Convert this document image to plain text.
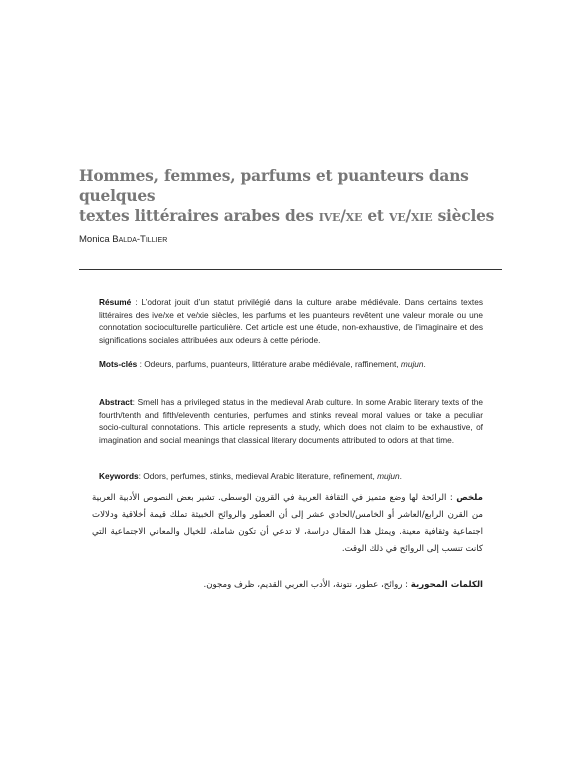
Hommes, femmes, parfums et puanteurs dans quelques
textes littéraires arabes des ive/xe et ve/xie siècles
Monica Balda-Tillier

Résumé : L’odorat jouit d’un statut privilégié dans la culture arabe médiévale. Dans certains textes littéraires des ive/xe et ve/xie siècles, les parfums et les puanteurs revêtent une valeur morale ou une connotation socioculturelle particulière. Cet article est une étude, non-exhaustive, de l’imaginaire et des significations sociales attribuées aux odeurs à cette période.

Mots-clés : Odeurs, parfums, puanteurs, littérature arabe médiévale, raffinement, mujun.

Abstract: Smell has a privileged status in the medieval Arab culture. In some Arabic literary texts of the fourth/tenth and fifth/eleventh centuries, perfumes and stinks reveal moral values or take a peculiar socio-cultural connotations. This article represents a study, which does not claim to be exhaustive, of imagination and social meanings that classical literary documents attributed to odors at that time.

Keywords: Odors, perfumes, stinks, medieval Arabic literature, refinement, mujun.

ملخص : الرائحة لها وضع متميز في الثقافة العربية في القرون الوسطى. تشير بعض النصوص الأدبية العربية من القرن الرابع/العاشر أو الخامس/الحادي عشر إلى أن العطور والروائح الخبيثة تملك قيمة أخلاقية ودلالات اجتماعية وثقافية معينة. ويمثل هذا المقال دراسة، لا تدعي أن تكون شاملة، للخيال والمعاني الاجتماعية التي كانت تنسب إلى الروائح في ذلك الوقت.

الكلمات المحورية : روائح، عطور، نتونة، الأدب العربي القديم، ظرف ومجون.
